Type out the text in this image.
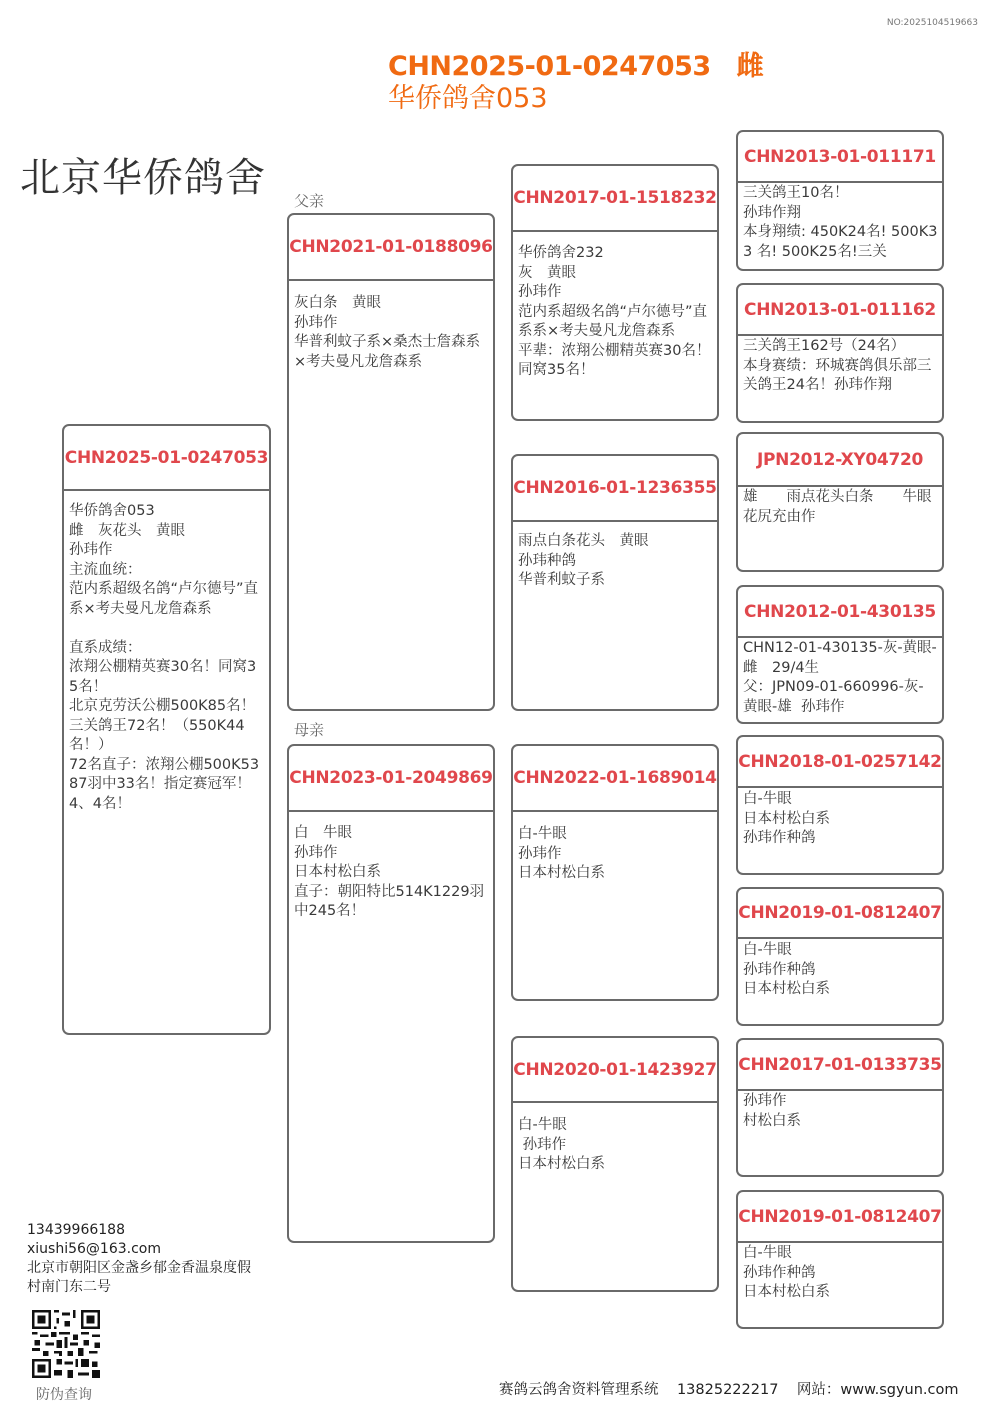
NO:2025104519663
CHN2025-01-0247053 雌
华侨鸽舍053
北京华侨鸽舍
CHN2025-01-0247053
华侨鸽舍053
雌　灰花头　黄眼
孙玮作
主流血统：
范内系超级名鸽“卢尔德号”直系×考夫曼凡龙詹森系

直系成绩：
浓翔公棚精英赛30名！同窝35名！
北京克劳沃公棚500K85名！
三关鸽王72名！（550K44名！）
72名直子：浓翔公棚500K5387羽中33名！指定赛冠军！4、4名！
父亲
CHN2021-01-0188096
灰白条　黄眼
孙玮作
华普利蚊子系×桑杰士詹森系×考夫曼凡龙詹森系
母亲
CHN2023-01-2049869
白　牛眼
孙玮作
日本村松白系
直子：朝阳特比514K1229羽中245名！
CHN2017-01-1518232
华侨鸽舍232
灰　黄眼
孙玮作
范内系超级名鸽“卢尔德号”直系系×考夫曼凡龙詹森系
平辈：浓翔公棚精英赛30名！同窝35名！
CHN2016-01-1236355
雨点白条花头　黄眼
孙玮种鸽
华普利蚊子系
CHN2022-01-1689014
白-牛眼
孙玮作
日本村松白系
CHN2020-01-1423927
白-牛眼
孙玮作
日本村松白系
CHN2013-01-011171
三关鸽王10名！
孙玮作翔
本身翔绩: 450K24名! 500K33 名! 500K25名!三关
CHN2013-01-011162
三关鸽王162号（24名）
本身赛绩：环城赛鸽俱乐部三关鸽王24名！孙玮作翔
JPN2012-XY04720
雄　　雨点花头白条　　牛眼
花尻充由作
CHN2012-01-430135
CHN12-01-430135-灰-黄眼-雌　29/4生
父：JPN09-01-660996-灰-黄眼-雄  孙玮作
CHN2018-01-0257142
白-牛眼
日本村松白系
孙玮作种鸽
CHN2019-01-0812407
白-牛眼
孙玮作种鸽
日本村松白系
CHN2017-01-0133735
孙玮作
村松白系
CHN2019-01-0812407
白-牛眼
孙玮作种鸽
日本村松白系
13439966188
xiushi56@163.com
北京市朝阳区金盏乡郁金香温泉度假村南门东二号
防伪查询	赛鸽云鸽舍资料管理系统 13825222217 网站：www.sgyun.com
